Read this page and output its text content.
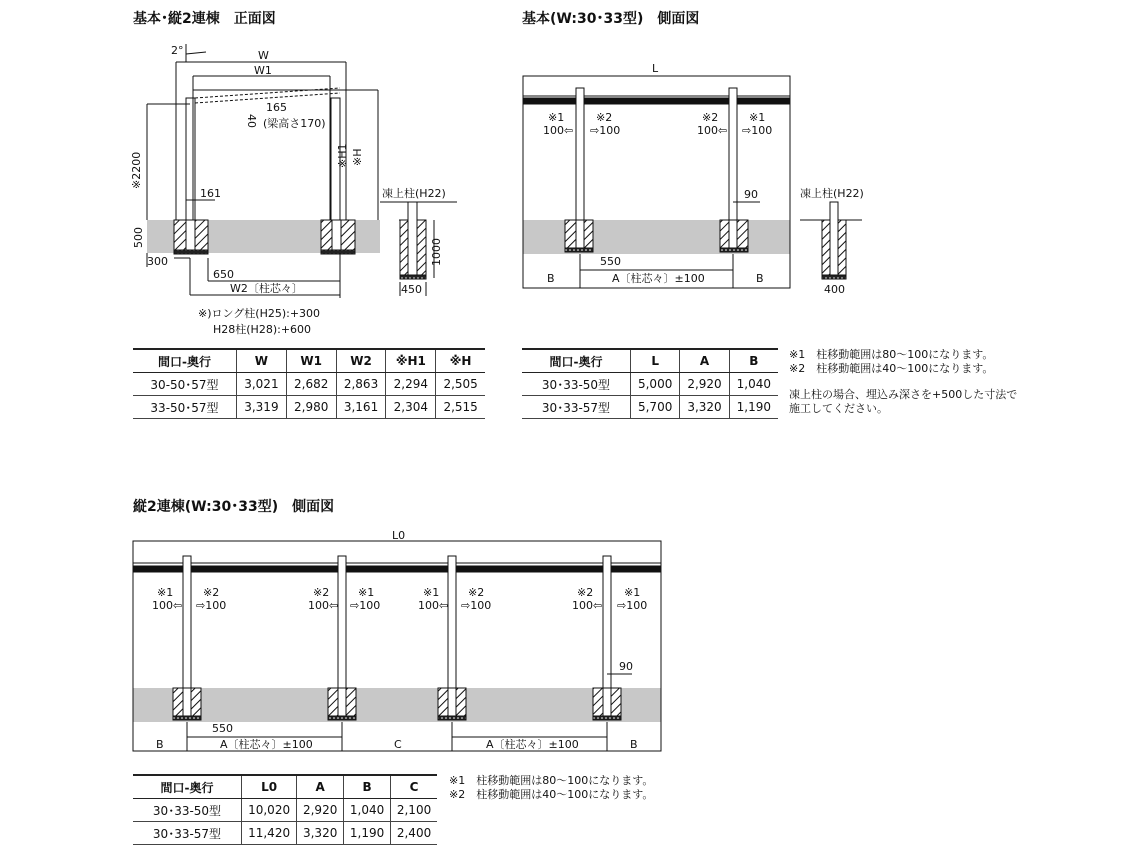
基本･縦2連棟　正面図	基本(W:30･33型)　側面図
縦2連棟(W:30･33型)　側面図
2°	W
W1
165
40 (梁高さ170)
※H1 ※H
※2200
161
500
300
650
W2〔柱芯々〕
凍上柱(H22)
1000
450
※)ロング柱(H25):+300
H28柱(H28):+600
L
※1
100⇦
※2
⇨100
※2
100⇦
※1
⇨100
90
550
B	A〔柱芯々〕±100	B
凍上柱(H22)
400
L0
※1
100⇦
※2
⇨100
※2
100⇦
※1
⇨100
※1
100⇦
※2
⇨100
※2
100⇦
※1
⇨100
90
550
B	A〔柱芯々〕±100	C	A〔柱芯々〕±100	B
間口-奥行	W	W1	W2	※H1	※H
30-50･57型	3,021	2,682	2,863	2,294	2,505
33-50･57型	3,319	2,980	3,161	2,304	2,515
間口-奥行	L	A	B
30･33-50型	5,000	2,920	1,040
30･33-57型	5,700	3,320	1,190
※1　柱移動範囲は80〜100になります。
※2　柱移動範囲は40〜100になります。
凍上柱の場合、埋込み深さを+500した寸法で
施工してください。
間口-奥行	L0	A	B	C
30･33-50型	10,020	2,920	1,040	2,100
30･33-57型	11,420	3,320	1,190	2,400
※1　柱移動範囲は80〜100になります。
※2　柱移動範囲は40〜100になります。
